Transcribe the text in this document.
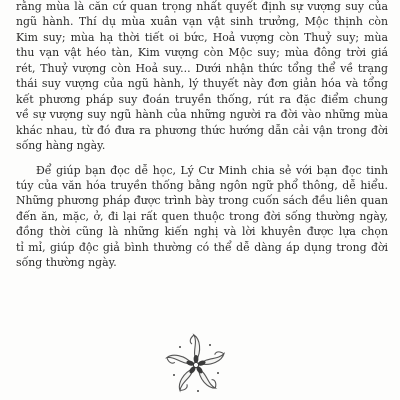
rằng mùa là căn cứ quan trọng nhất quyết định sự vượng suy của
ngũ hành. Thí dụ mùa xuân vạn vật sinh trưởng, Mộc thịnh còn
Kim suy; mùa hạ thời tiết oi bức, Hoả vượng còn Thuỷ suy; mùa
thu vạn vật héo tàn, Kim vượng còn Mộc suy; mùa đông trời giá
rét, Thuỷ vượng còn Hoả suy... Dưới nhận thức tổng thể về trạng
thái suy vượng của ngũ hành, lý thuyết này đơn giản hóa và tổng
kết phương pháp suy đoán truyền thống, rút ra đặc điểm chung
về sự vượng suy ngũ hành của những người ra đời vào những mùa
khác nhau, từ đó đưa ra phương thức hướng dẫn cải vận trong đời
sống hàng ngày.
Để giúp bạn đọc dễ học, Lý Cư Minh chia sẻ với bạn đọc tinh
túy của văn hóa truyền thống bằng ngôn ngữ phổ thông, dễ hiểu.
Những phương pháp được trình bày trong cuốn sách đều liên quan
đến ăn, mặc, ở, đi lại rất quen thuộc trong đời sống thường ngày,
đồng thời cũng là những kiến nghị và lời khuyên được lựa chọn
tỉ mỉ, giúp độc giả bình thường có thể dễ dàng áp dụng trong đời
sống thường ngày.
